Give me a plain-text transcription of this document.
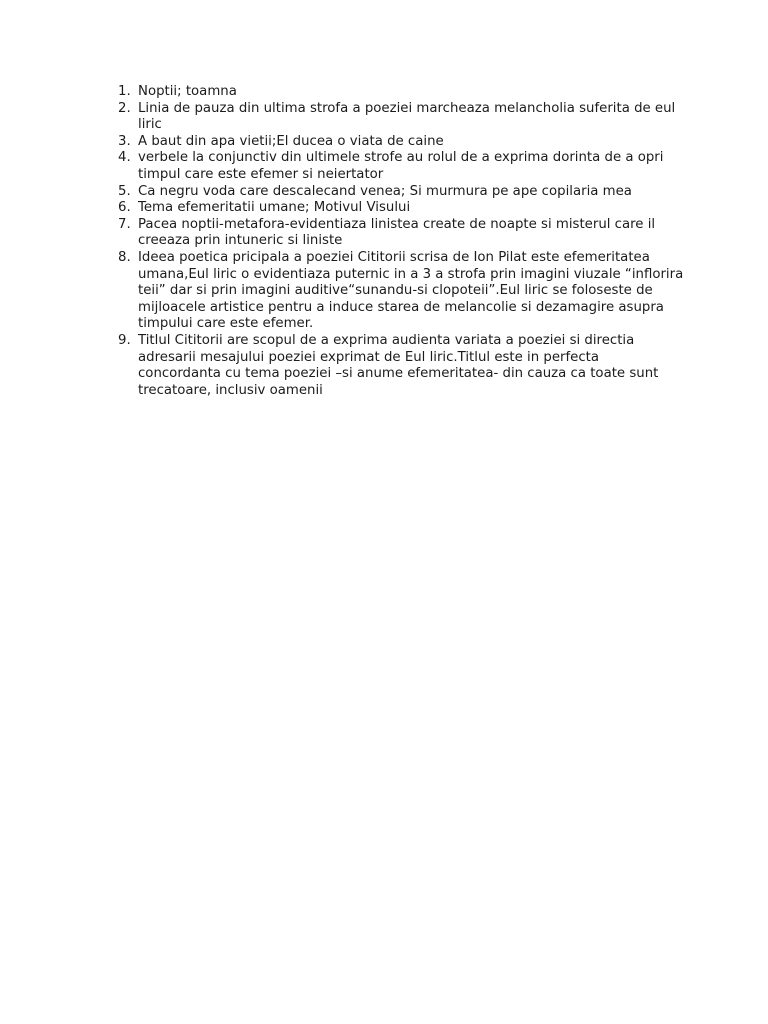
1. Noptii; toamna
2. Linia de pauza din ultima strofa a poeziei marcheaza melancholia suferita de eul liric
3. A baut din apa vietii;El ducea o viata de caine
4. verbele la conjunctiv din ultimele strofe au rolul de a exprima dorinta de a opri timpul care este efemer si neiertator
5. Ca negru voda care descalecand venea; Si murmura pe ape copilaria mea
6. Tema efemeritatii umane; Motivul Visului
7. Pacea noptii-metafora-evidentiaza linistea create de noapte si misterul care il creeaza prin intuneric si liniste
8. Ideea poetica pricipala a poeziei Cititorii scrisa de Ion Pilat este efemeritatea umana,Eul liric o evidentiaza puternic in a 3 a strofa prin imagini viuzale “inflorira teii” dar si prin imagini auditive“sunandu-si clopoteii”.Eul liric se foloseste de mijloacele artistice pentru a induce starea de melancolie si dezamagire asupra timpului care este efemer.
9. Titlul Cititorii are scopul de a exprima audienta variata a poeziei si directia adresarii mesajului poeziei exprimat de Eul liric.Titlul este in perfecta concordanta cu tema poeziei –si anume efemeritatea- din cauza ca toate sunt trecatoare, inclusiv oamenii
